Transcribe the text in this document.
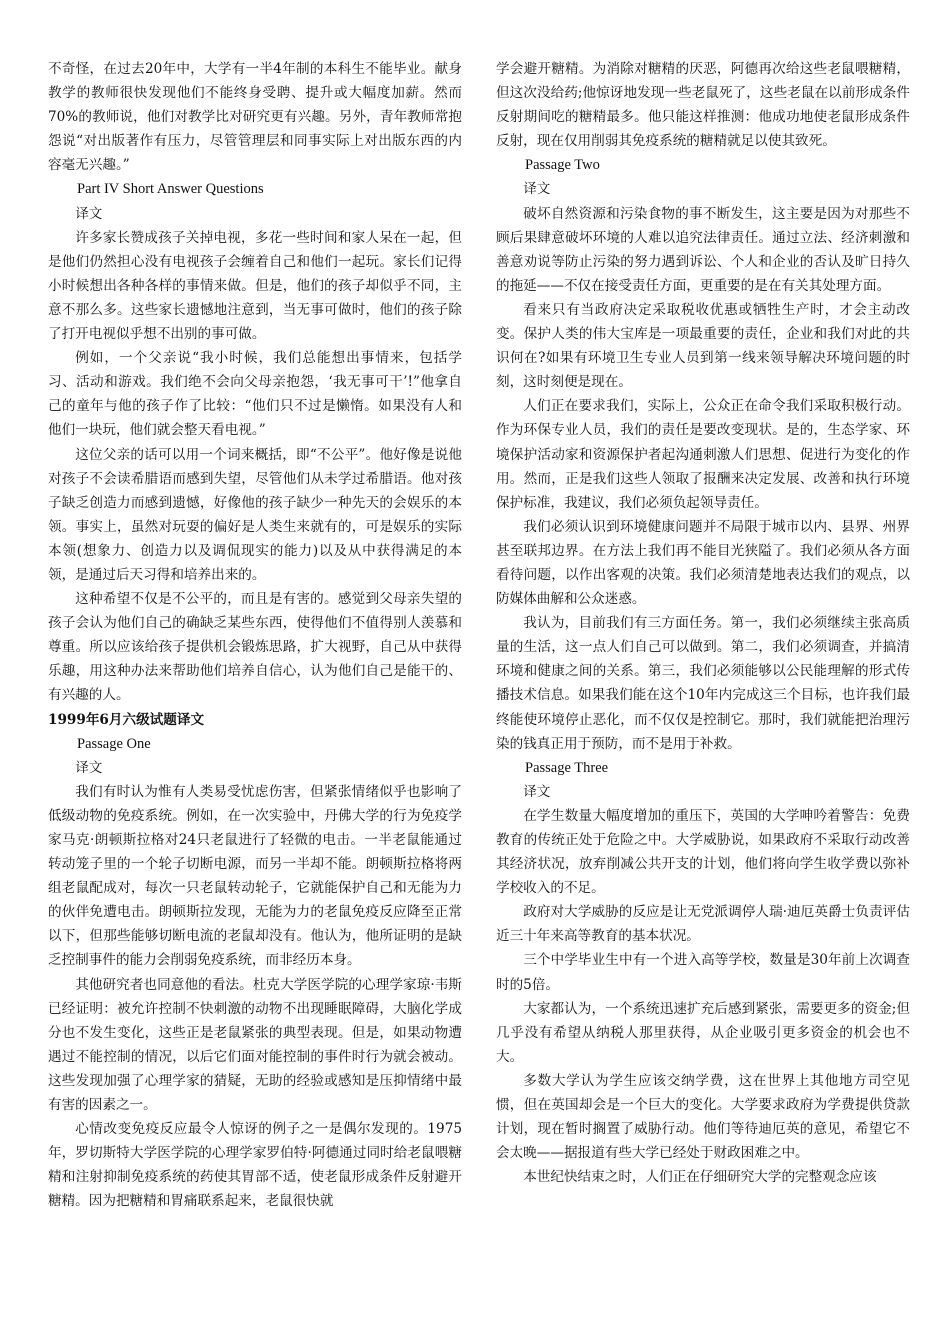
不奇怪，在过去20年中，大学有一半4年制的本科生不能毕业。献身教学的教师很快发现他们不能终身受聘、提升或大幅度加薪。然而70%的教师说，他们对教学比对研究更有兴趣。另外，青年教师常抱怨说“对出版著作有压力，尽管管理层和同事实际上对出版东西的内容毫无兴趣。”

Part IV Short Answer Questions

译文

许多家长赞成孩子关掉电视，多花一些时间和家人呆在一起，但是他们仍然担心没有电视孩子会缠着自己和他们一起玩。家长们记得小时候想出各种各样的事情来做。但是，他们的孩子却似乎不同，主意不那么多。这些家长遗憾地注意到，当无事可做时，他们的孩子除了打开电视似乎想不出别的事可做。

例如，一个父亲说“我小时候，我们总能想出事情来，包括学习、活动和游戏。我们绝不会向父母亲抱怨，‘我无事可干’!”他拿自己的童年与他的孩子作了比较：“他们只不过是懒惰。如果没有人和他们一块玩，他们就会整天看电视。”

这位父亲的话可以用一个词来概括，即“不公平”。他好像是说他对孩子不会读希腊语而感到失望，尽管他们从未学过希腊语。他对孩子缺乏创造力而感到遗憾，好像他的孩子缺少一种先天的会娱乐的本领。事实上，虽然对玩耍的偏好是人类生来就有的，可是娱乐的实际本领(想象力、创造力以及调侃现实的能力)以及从中获得满足的本领，是通过后天习得和培养出来的。

这种希望不仅是不公平的，而且是有害的。感觉到父母亲失望的孩子会认为他们自己的确缺乏某些东西，使得他们不值得别人羡慕和尊重。所以应该给孩子提供机会锻炼思路，扩大视野，自己从中获得乐趣，用这种办法来帮助他们培养自信心，认为他们自己是能干的、有兴趣的人。

1999年6月六级试题译文

Passage One

译文

我们有时认为惟有人类易受忧虑伤害，但紧张情绪似乎也影响了低级动物的免疫系统。例如，在一次实验中，丹佛大学的行为免疫学家马克·朗顿斯拉格对24只老鼠进行了轻微的电击。一半老鼠能通过转动笼子里的一个轮子切断电源，而另一半却不能。朗顿斯拉格将两组老鼠配成对，每次一只老鼠转动轮子，它就能保护自己和无能为力的伙伴免遭电击。朗顿斯拉发现，无能为力的老鼠免疫反应降至正常以下，但那些能够切断电流的老鼠却没有。他认为，他所证明的是缺乏控制事件的能力会削弱免疫系统，而非经历本身。

其他研究者也同意他的看法。杜克大学医学院的心理学家琼·韦斯已经证明：被允许控制不快刺激的动物不出现睡眠障碍，大脑化学成分也不发生变化，这些正是老鼠紧张的典型表现。但是，如果动物遭遇过不能控制的情况，以后它们面对能控制的事件时行为就会被动。这些发现加强了心理学家的猜疑，无助的经验或感知是压抑情绪中最有害的因素之一。

心情改变免疫反应最令人惊讶的例子之一是偶尔发现的。1975年，罗切斯特大学医学院的心理学家罗伯特·阿德通过同时给老鼠喂糖精和注射抑制免疫系统的药使其胃部不适，使老鼠形成条件反射避开糖精。因为把糖精和胃痛联系起来，老鼠很快就

学会避开糖精。为消除对糖精的厌恶，阿德再次给这些老鼠喂糖精，但这次没给药;他惊讶地发现一些老鼠死了，这些老鼠在以前形成条件反射期间吃的糖精最多。他只能这样推测：他成功地使老鼠形成条件反射，现在仅用削弱其免疫系统的糖精就足以使其致死。

Passage Two

译文

破坏自然资源和污染食物的事不断发生，这主要是因为对那些不顾后果肆意破坏环境的人难以追究法律责任。通过立法、经济刺激和善意劝说等防止污染的努力遇到诉讼、个人和企业的否认及旷日持久的拖延——不仅在接受责任方面，更重要的是在有关其处理方面。

看来只有当政府决定采取税收优惠或牺牲生产时，才会主动改变。保护人类的伟大宝库是一项最重要的责任，企业和我们对此的共识何在?如果有环境卫生专业人员到第一线来领导解决环境问题的时刻，这时刻便是现在。

人们正在要求我们，实际上，公众正在命令我们采取积极行动。作为环保专业人员，我们的责任是要改变现状。是的，生态学家、环境保护活动家和资源保护者起沟通刺激人们思想、促进行为变化的作用。然而，正是我们这些人领取了报酬来决定发展、改善和执行环境保护标准，我建议，我们必须负起领导责任。

我们必须认识到环境健康问题并不局限于城市以内、县界、州界甚至联邦边界。在方法上我们再不能目光狭隘了。我们必须从各方面看待问题，以作出客观的决策。我们必须清楚地表达我们的观点，以防媒体曲解和公众迷惑。

我认为，目前我们有三方面任务。第一，我们必须继续主张高质量的生活，这一点人们自己可以做到。第二，我们必须调查，并搞清环境和健康之间的关系。第三，我们必须能够以公民能理解的形式传播技术信息。如果我们能在这个10年内完成这三个目标，也许我们最终能使环境停止恶化，而不仅仅是控制它。那时，我们就能把治理污染的钱真正用于预防，而不是用于补救。

Passage Three

译文

在学生数量大幅度增加的重压下，英国的大学呻吟着警告：免费教育的传统正处于危险之中。大学威胁说，如果政府不采取行动改善其经济状况，放弃削减公共开支的计划，他们将向学生收学费以弥补学校收入的不足。

政府对大学威胁的反应是让无党派调停人瑞·迪厄英爵士负责评估近三十年来高等教育的基本状况。

三个中学毕业生中有一个进入高等学校，数量是30年前上次调查时的5倍。

大家都认为，一个系统迅速扩充后感到紧张，需要更多的资金;但几乎没有希望从纳税人那里获得，从企业吸引更多资金的机会也不大。

多数大学认为学生应该交纳学费，这在世界上其他地方司空见惯，但在英国却会是一个巨大的变化。大学要求政府为学费提供贷款计划，现在暂时搁置了威胁行动。他们等待迪厄英的意见，希望它不会太晚——据报道有些大学已经处于财政困难之中。

本世纪快结束之时，人们正在仔细研究大学的完整观念应该
